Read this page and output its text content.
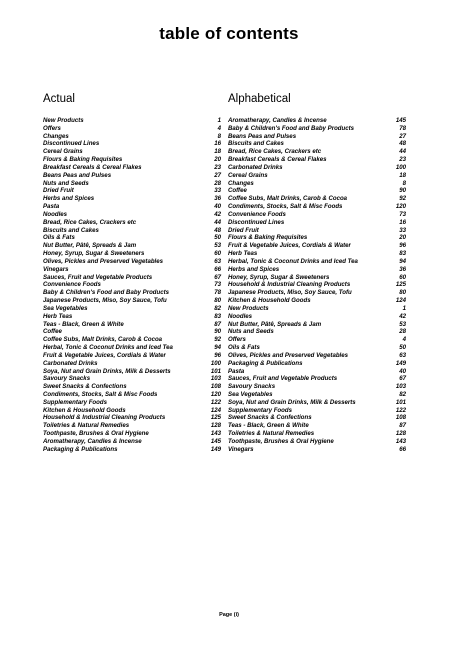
table of contents
Actual
New Products	1
Offers	4
Changes	8
Discontinued Lines	16
Cereal Grains	18
Flours & Baking Requisites	20
Breakfast Cereals & Cereal Flakes	23
Beans Peas and Pulses	27
Nuts and Seeds	28
Dried Fruit	33
Herbs and Spices	36
Pasta	40
Noodles	42
Bread, Rice Cakes, Crackers etc	44
Biscuits and Cakes	48
Oils & Fats	50
Nut Butter, Pâtê, Spreads & Jam	53
Honey, Syrup, Sugar & Sweeteners	60
Olives, Pickles and Preserved Vegetables	63
Vinegars	66
Sauces, Fruit and Vegetable Products	67
Convenience Foods	73
Baby & Children's Food and Baby Products	78
Japanese Products, Miso, Soy Sauce, Tofu	80
Sea Vegetables	82
Herb Teas	83
Teas - Black, Green & White	87
Coffee	90
Coffee Subs, Malt Drinks, Carob & Cocoa	92
Herbal, Tonic & Coconut Drinks and Iced Tea	94
Fruit & Vegetable Juices, Cordials & Water	96
Carbonated Drinks	100
Soya, Nut and Grain Drinks, Milk & Desserts	101
Savoury Snacks	103
Sweet Snacks & Confections	108
Condiments, Stocks, Salt & Misc Foods	120
Supplementary Foods	122
Kitchen & Household Goods	124
Household & Industrial Cleaning Products	125
Toiletries & Natural Remedies	128
Toothpaste, Brushes & Oral Hygiene	143
Aromatherapy, Candles & Incense	145
Packaging & Publications	149
Alphabetical
Aromatherapy, Candles & Incense	145
Baby & Children's Food and Baby Products	78
Beans Peas and Pulses	27
Biscuits and Cakes	48
Bread, Rice Cakes, Crackers etc	44
Breakfast Cereals & Cereal Flakes	23
Carbonated Drinks	100
Cereal Grains	18
Changes	8
Coffee	90
Coffee Subs, Malt Drinks, Carob & Cocoa	92
Condiments, Stocks, Salt & Misc Foods	120
Convenience Foods	73
Discontinued Lines	16
Dried Fruit	33
Flours & Baking Requisites	20
Fruit & Vegetable Juices, Cordials & Water	96
Herb Teas	83
Herbal, Tonic & Coconut Drinks and Iced Tea	94
Herbs and Spices	36
Honey, Syrup, Sugar & Sweeteners	60
Household & Industrial Cleaning Products	125
Japanese Products, Miso, Soy Sauce, Tofu	80
Kitchen & Household Goods	124
New Products	1
Noodles	42
Nut Butter, Pâtê, Spreads & Jam	53
Nuts and Seeds	28
Offers	4
Oils & Fats	50
Olives, Pickles and Preserved Vegetables	63
Packaging & Publications	149
Pasta	40
Sauces, Fruit and Vegetable Products	67
Savoury Snacks	103
Sea Vegetables	82
Soya, Nut and Grain Drinks, Milk & Desserts	101
Supplementary Foods	122
Sweet Snacks & Confections	108
Teas - Black, Green & White	87
Toiletries & Natural Remedies	128
Toothpaste, Brushes & Oral Hygiene	143
Vinegars	66
Page (i)
